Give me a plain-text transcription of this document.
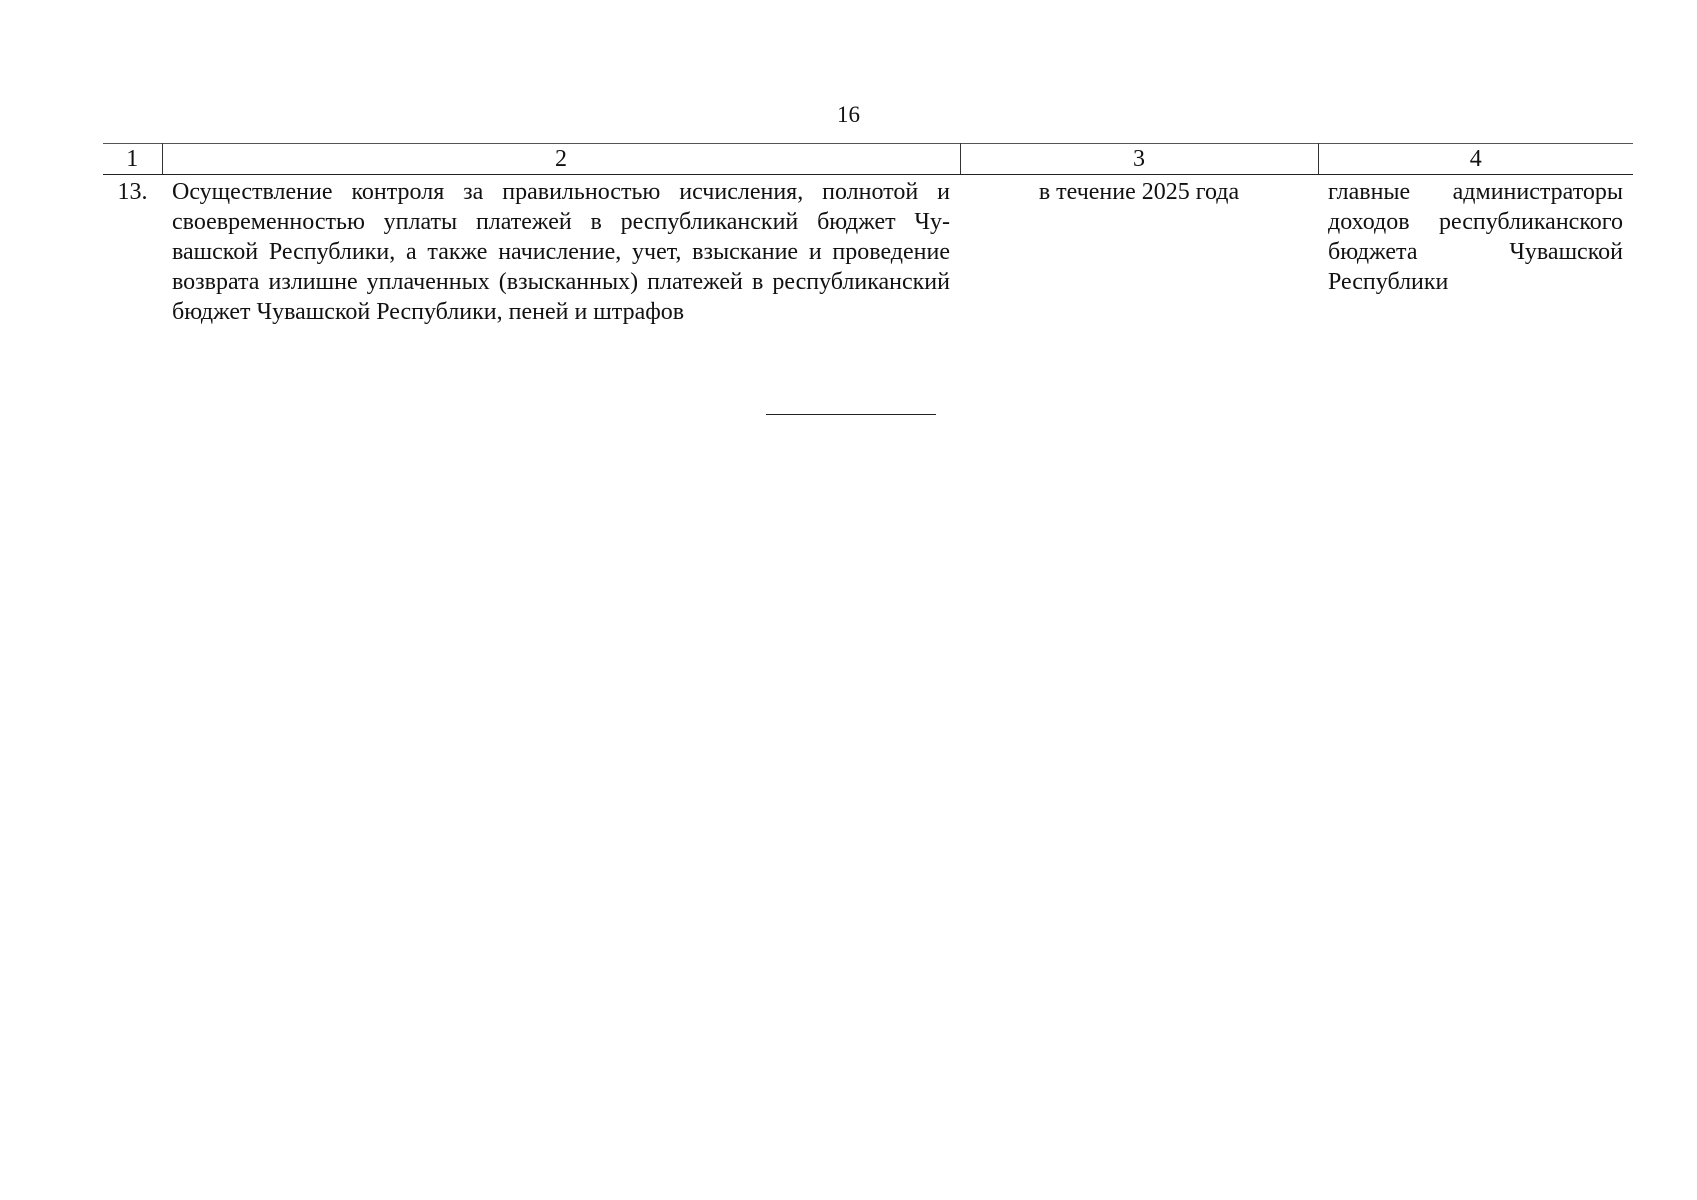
16
1	2	3	4
13.	Осуществление контроля за правильностью исчисления, полнотой и своевременностью уплаты платежей в республиканский бюджет Чувашской Республики, а также начисление, учет, взыскание и проведение возврата излишне уплаченных (взысканных) платежей в республиканский бюджет Чувашской Республики, пеней и штрафов	в течение 2025 года	главные администраторы доходов республиканского бюджета Чувашской Республики
